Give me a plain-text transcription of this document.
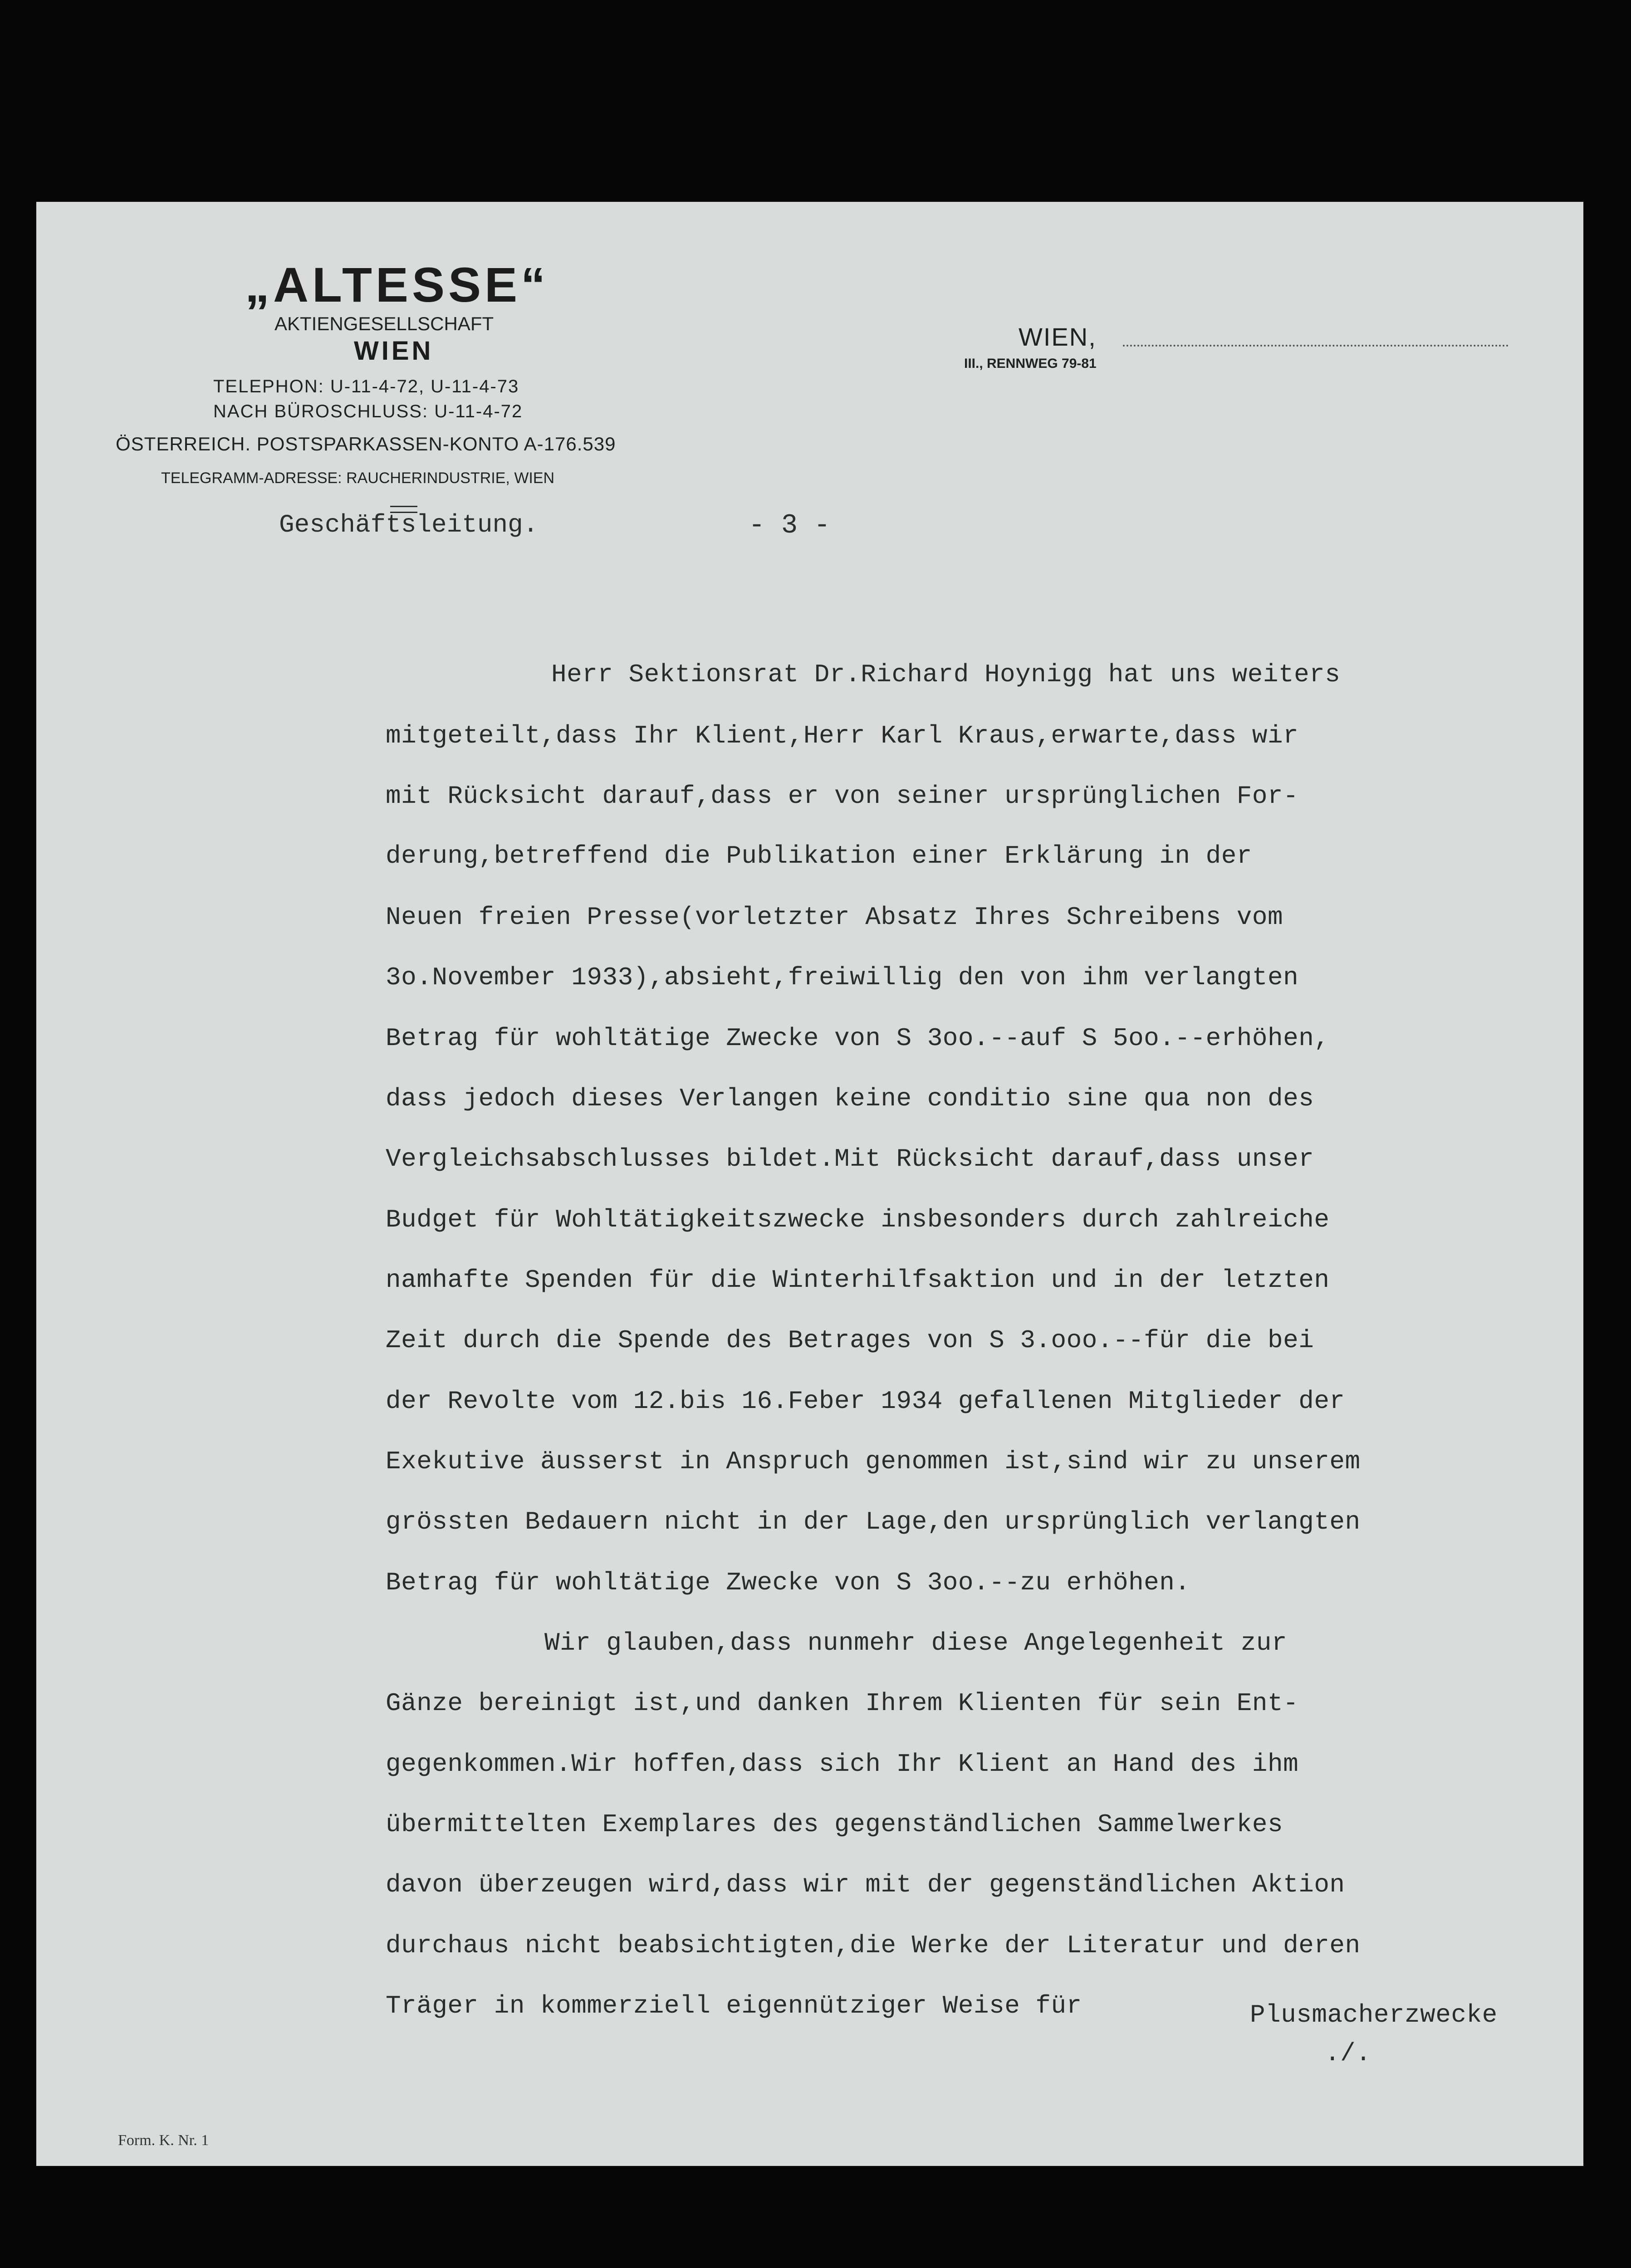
„ALTESSE“
AKTIENGESELLSCHAFT
WIEN
TELEPHON: U-11-4-72, U-11-4-73
NACH BÜROSCHLUSS: U-11-4-72
ÖSTERREICH. POSTSPARKASSEN-KONTO A-176.539
TELEGRAMM-ADRESSE: RAUCHERINDUSTRIE, WIEN
WIEN,
III., RENNWEG 79-81
Geschäftsleitung.	- 3 -
Herr Sektionsrat Dr.Richard Hoynigg hat uns weiters
mitgeteilt,dass Ihr Klient,Herr Karl Kraus,erwarte,dass wir
mit Rücksicht darauf,dass er von seiner ursprünglichen For-
derung,betreffend die Publikation einer Erklärung in der
Neuen freien Presse(vorletzter Absatz Ihres Schreibens vom
3o.November 1933),absieht,freiwillig den von ihm verlangten
Betrag für wohltätige Zwecke von S 3oo.--auf S 5oo.--erhöhen,
dass jedoch dieses Verlangen keine conditio sine qua non des
Vergleichsabschlusses bildet.Mit Rücksicht darauf,dass unser
Budget für Wohltätigkeitszwecke insbesonders durch zahlreiche
namhafte Spenden für die Winterhilfsaktion und in der letzten
Zeit durch die Spende des Betrages von S 3.ooo.--für die bei
der Revolte vom 12.bis 16.Feber 1934 gefallenen Mitglieder der
Exekutive äusserst in Anspruch genommen ist,sind wir zu unserem
grössten Bedauern nicht in der Lage,den ursprünglich verlangten
Betrag für wohltätige Zwecke von S 3oo.--zu erhöhen.
Wir glauben,dass nunmehr diese Angelegenheit zur
Gänze bereinigt ist,und danken Ihrem Klienten für sein Ent-
gegenkommen.Wir hoffen,dass sich Ihr Klient an Hand des ihm
übermittelten Exemplares des gegenständlichen Sammelwerkes
davon überzeugen wird,dass wir mit der gegenständlichen Aktion
durchaus nicht beabsichtigten,die Werke der Literatur und deren
Träger in kommerziell eigennütziger Weise für	Plusmacherzwecke
./.
Form. K. Nr. 1
